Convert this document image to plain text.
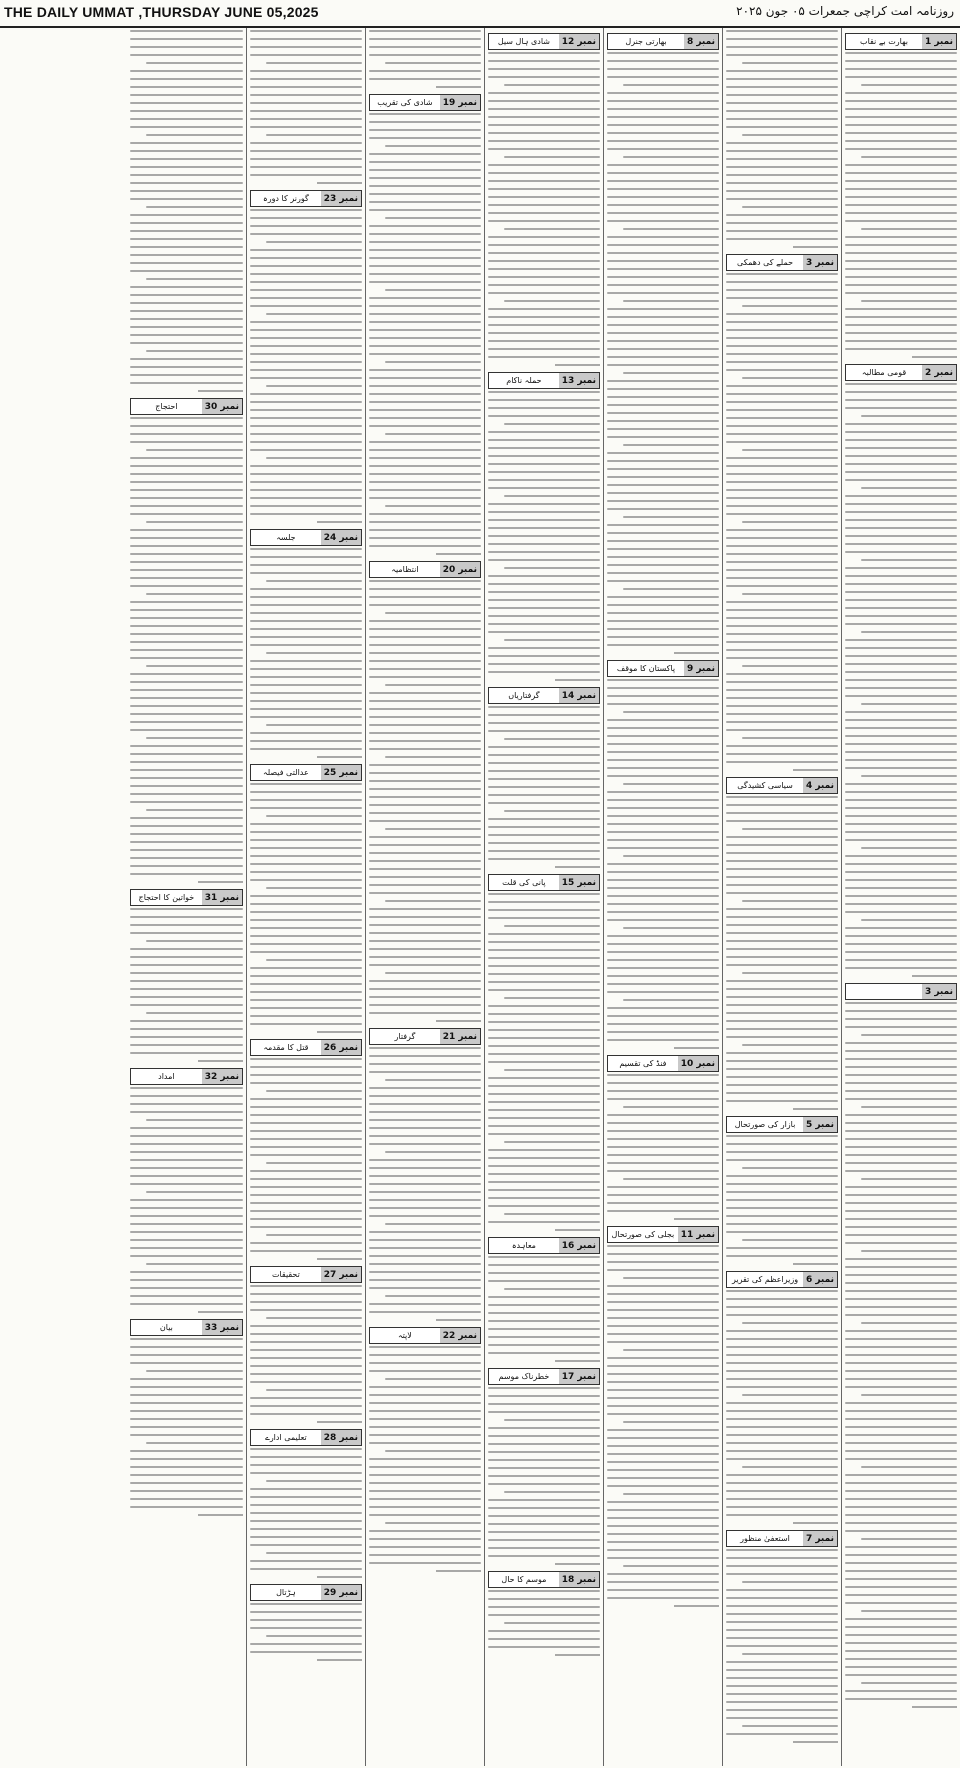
THE DAILY UMMAT ,THURSDAY JUNE 05,2025	روزنامہ امت کراچی جمعرات ۰۵ جون ۲۰۲۵
نمبر
1
بھارت بے نقاب
نمبر
2
قومی مطالبہ
نمبر
3
نمبر
3
حملے کی دھمکی
نمبر
4
سیاسی کشیدگی
نمبر
5
بازار کی صورتحال
نمبر
6
وزیراعظم کی تقریر
نمبر
7
استعفیٰ منظور
نمبر
8
بھارتی جنرل
نمبر
9
پاکستان کا موقف
نمبر
10
فنڈ کی تقسیم
نمبر
11
بجلی کی صورتحال
نمبر
12
شادی ہال سیل
نمبر
13
حملہ ناکام
نمبر
14
گرفتاریاں
نمبر
15
پانی کی قلت
نمبر
16
معاہدہ
نمبر
17
خطرناک موسم
نمبر
18
موسم کا حال
نمبر
19
شادی کی تقریب
نمبر
20
انتظامیہ
نمبر
21
گرفتار
نمبر
22
لاپتہ
نمبر
23
گورنر کا دورہ
نمبر
24
جلسہ
نمبر
25
عدالتی فیصلہ
نمبر
26
قتل کا مقدمہ
نمبر
27
تحقیقات
نمبر
28
تعلیمی ادارے
نمبر
29
ہڑتال
نمبر
30
احتجاج
نمبر
31
خواتین کا احتجاج
نمبر
32
امداد
نمبر
33
بیان
